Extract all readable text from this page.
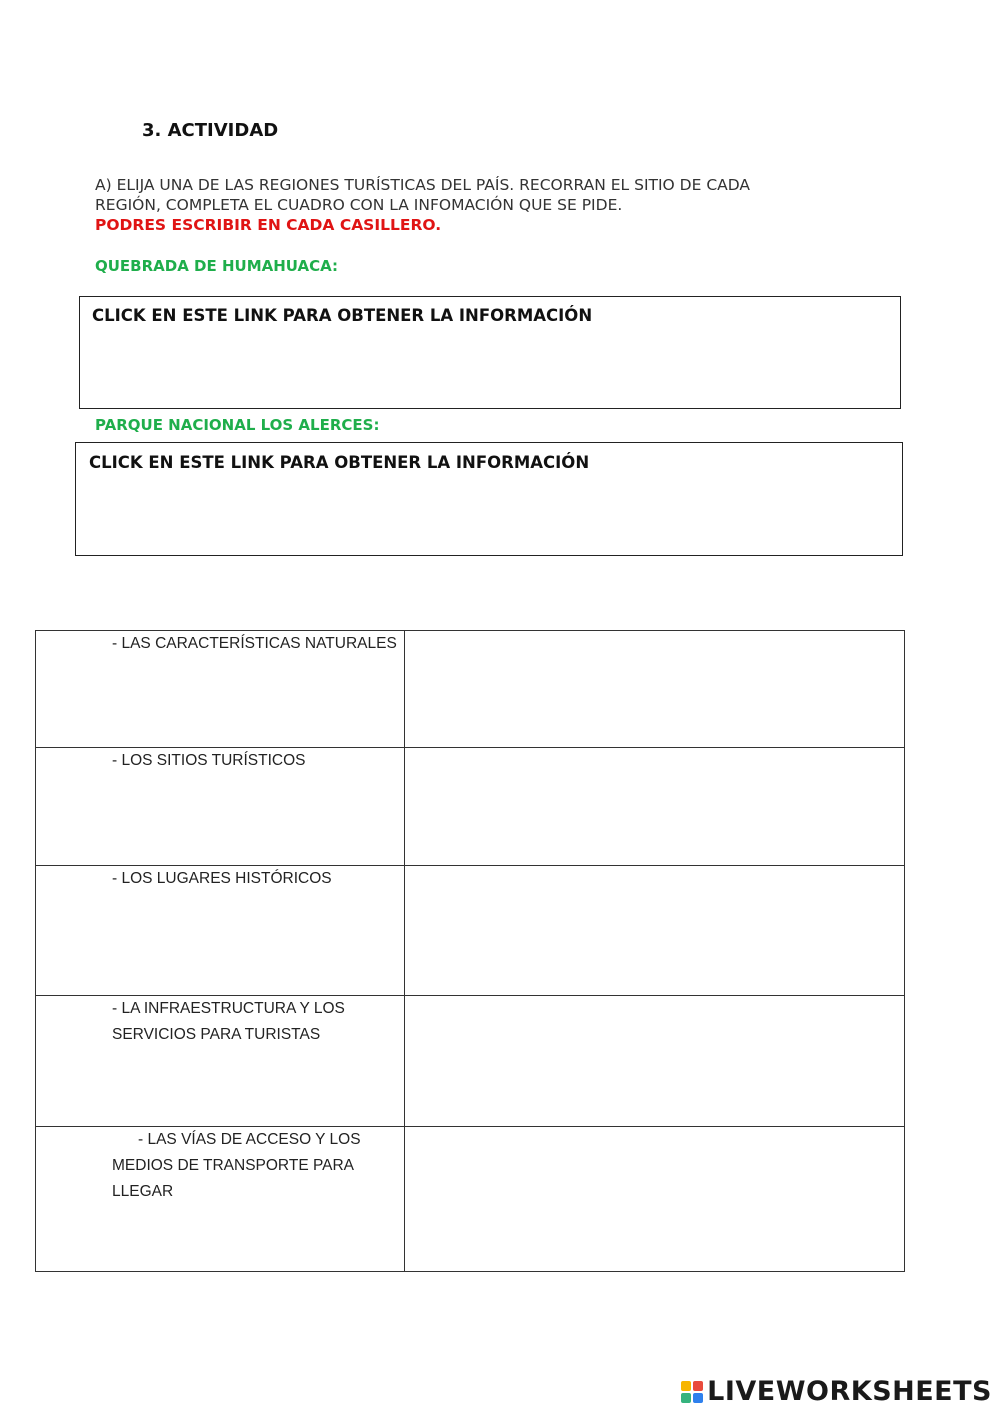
3. ACTIVIDAD
A) ELIJA UNA DE LAS REGIONES TURÍSTICAS DEL PAÍS. RECORRAN EL SITIO DE CADA
REGIÓN, COMPLETA EL CUADRO CON LA INFOMACIÓN QUE SE PIDE.
PODRES ESCRIBIR EN CADA CASILLERO.
QUEBRADA DE HUMAHUACA:
CLICK EN ESTE LINK PARA OBTENER LA INFORMACIÓN
PARQUE NACIONAL LOS ALERCES:
CLICK EN ESTE LINK PARA OBTENER LA INFORMACIÓN
- LAS CARACTERÍSTICAS NATURALES	

- LOS SITIOS TURÍSTICOS	

- LOS LUGARES HISTÓRICOS	

- LA INFRAESTRUCTURA Y LOS
SERVICIOS PARA TURISTAS	

- LAS VÍAS DE ACCESO Y LOS
MEDIOS DE TRANSPORTE PARA
LLEGAR	

LIVEWORKSHEETS
